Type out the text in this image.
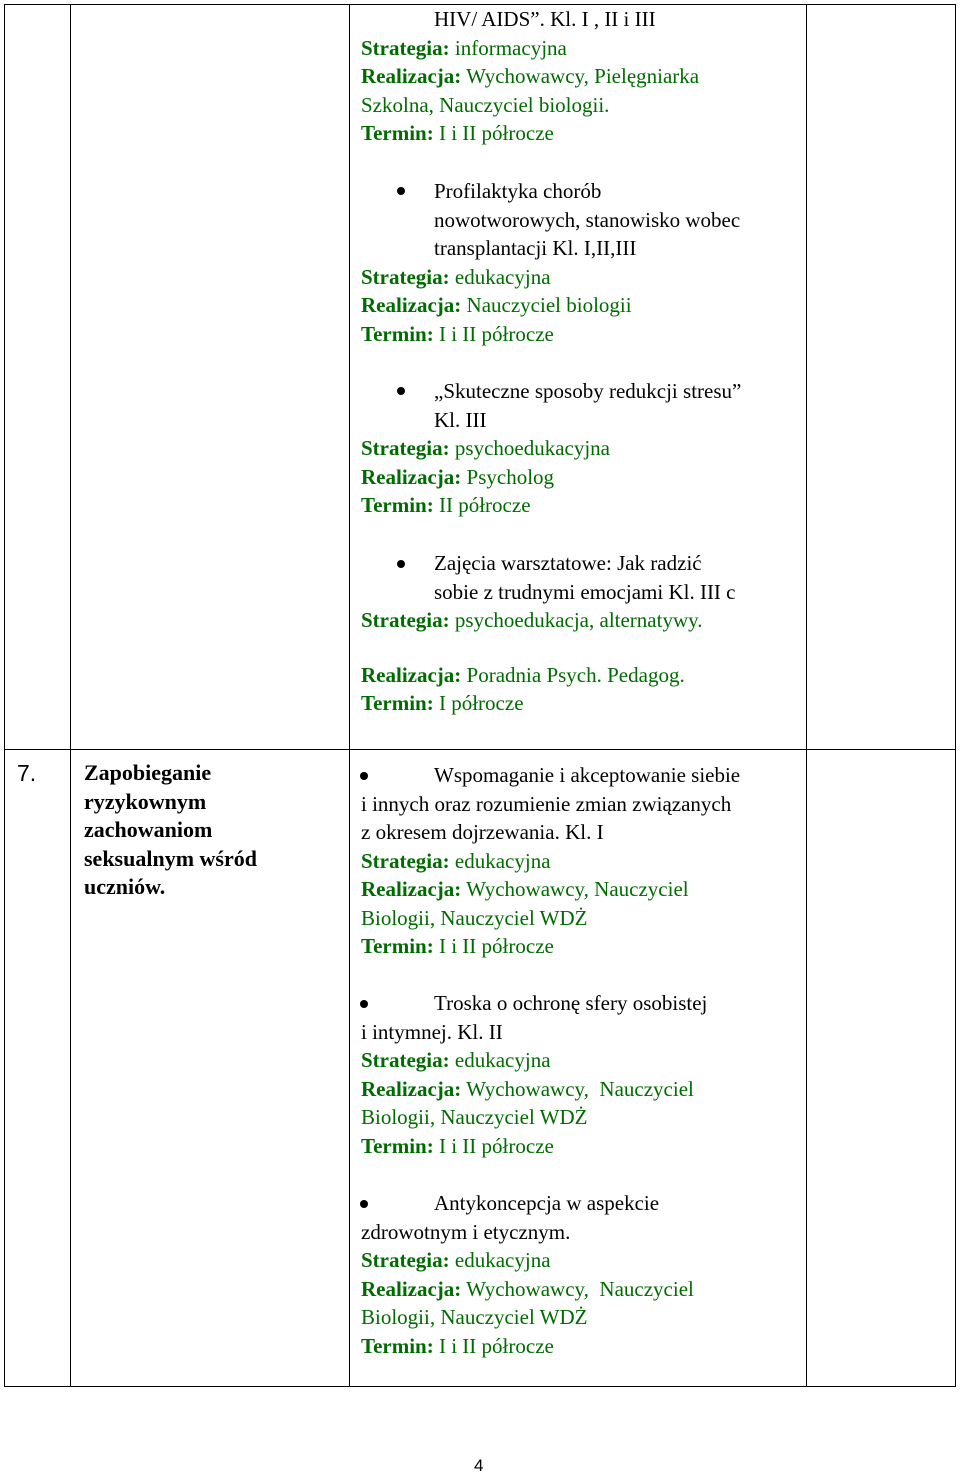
HIV/ AIDS”. Kl. I , II i III
Strategia: informacyjna
Realizacja: Wychowawcy, Pielęgniarka
Szkolna, Nauczyciel biologii.
Termin: I i II półrocze
Profilaktyka chorób
nowotworowych, stanowisko wobec
transplantacji Kl. I,II,III
Strategia: edukacyjna
Realizacja: Nauczyciel biologii
Termin: I i II półrocze
„Skuteczne sposoby redukcji stresu”
Kl. III
Strategia: psychoedukacyjna
Realizacja: Psycholog
Termin: II półrocze
Zajęcia warsztatowe: Jak radzić
sobie z trudnymi emocjami Kl. III c
Strategia: psychoedukacja, alternatywy.
Realizacja: Poradnia Psych. Pedagog.
Termin: I półrocze
7. Zapobieganie
ryzykownym
zachowaniom
seksualnym wśród
uczniów.
Wspomaganie i akceptowanie siebie
i innych oraz rozumienie zmian związanych
z okresem dojrzewania. Kl. I
Strategia: edukacyjna
Realizacja: Wychowawcy, Nauczyciel
Biologii, Nauczyciel WDŻ
Termin: I i II półrocze
Troska o ochronę sfery osobistej
i intymnej. Kl. II
Strategia: edukacyjna
Realizacja: Wychowawcy,  Nauczyciel
Biologii, Nauczyciel WDŻ
Termin: I i II półrocze
Antykoncepcja w aspekcie
zdrowotnym i etycznym.
Strategia: edukacyjna
Realizacja: Wychowawcy,  Nauczyciel
Biologii, Nauczyciel WDŻ
Termin: I i II półrocze
4
